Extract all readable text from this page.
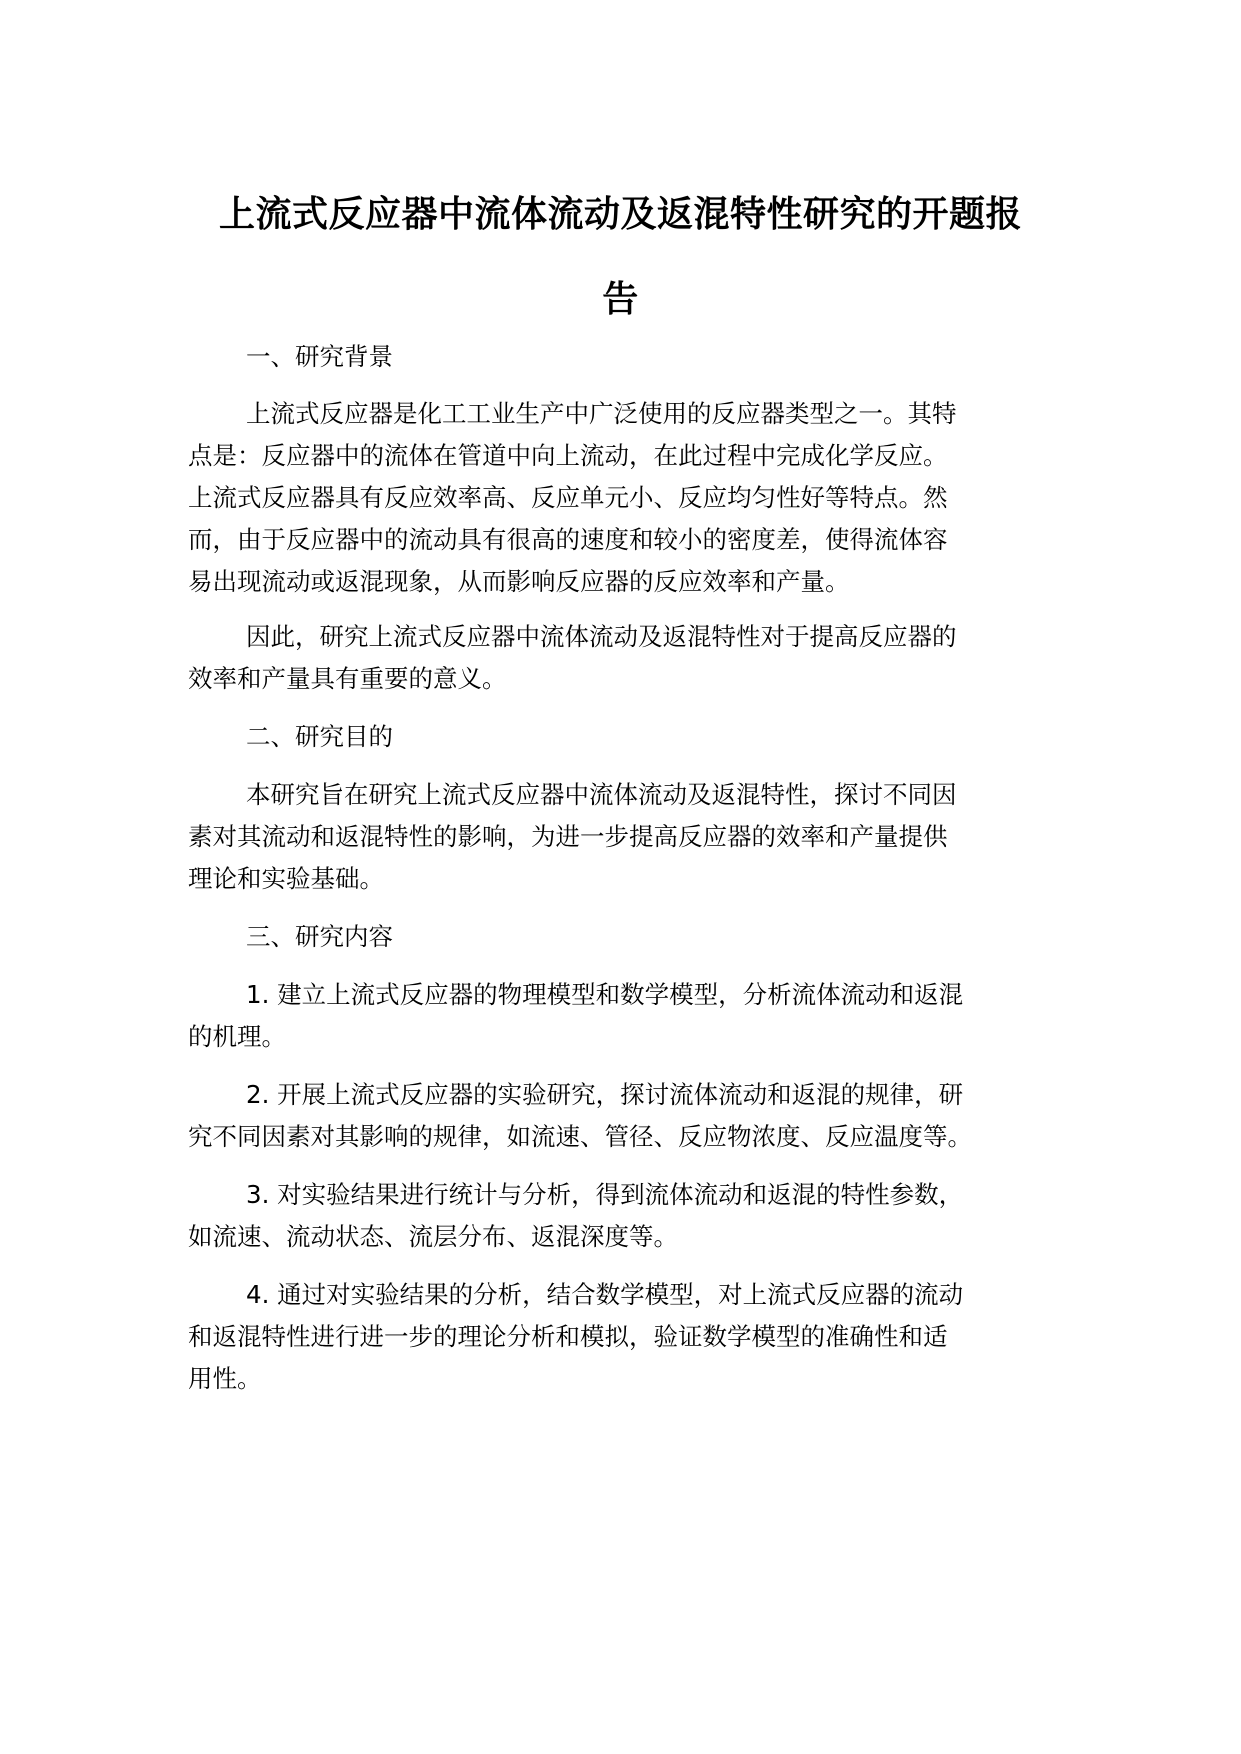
上流式反应器中流体流动及返混特性研究的开题报
告
一、研究背景
上流式反应器是化工工业生产中广泛使用的反应器类型之一。其特
点是：反应器中的流体在管道中向上流动，在此过程中完成化学反应。
上流式反应器具有反应效率高、反应单元小、反应均匀性好等特点。然
而，由于反应器中的流动具有很高的速度和较小的密度差，使得流体容
易出现流动或返混现象，从而影响反应器的反应效率和产量。
因此，研究上流式反应器中流体流动及返混特性对于提高反应器的
效率和产量具有重要的意义。
二、研究目的
本研究旨在研究上流式反应器中流体流动及返混特性，探讨不同因
素对其流动和返混特性的影响，为进一步提高反应器的效率和产量提供
理论和实验基础。
三、研究内容
1. 建立上流式反应器的物理模型和数学模型，分析流体流动和返混
的机理。
2. 开展上流式反应器的实验研究，探讨流体流动和返混的规律，研
究不同因素对其影响的规律，如流速、管径、反应物浓度、反应温度等。
3. 对实验结果进行统计与分析，得到流体流动和返混的特性参数，
如流速、流动状态、流层分布、返混深度等。
4. 通过对实验结果的分析，结合数学模型，对上流式反应器的流动
和返混特性进行进一步的理论分析和模拟，验证数学模型的准确性和适
用性。
